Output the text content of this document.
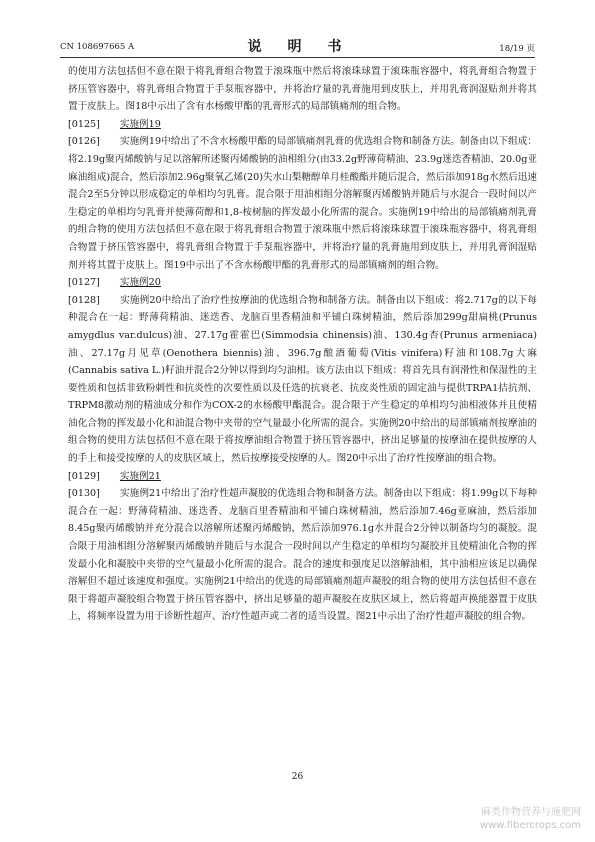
CN 108697665 A	说　明　书	18/19 页

的使用方法包括但不意在限于将乳膏组合物置于滚珠瓶中然后将滚珠球置于滚珠瓶容器中，将乳膏组合物置于挤压管容器中，将乳膏组合物置于手泵瓶容器中，并将治疗量的乳膏施用到皮肤上，并用乳膏润湿贴剂并将其置于皮肤上。图18中示出了含有水杨酸甲酯的乳膏形式的局部镇痛剂的组合物。

[0125] 实施例19

[0126] 实施例19中给出了不含水杨酸甲酯的局部镇痛剂乳膏的优选组合物和制备方法。制备由以下组成：将2.19g聚丙烯酸钠与足以溶解所述聚丙烯酸钠的油相组分(由33.2g野薄荷精油、23.9g迷迭香精油、20.0g亚麻油组成)混合，然后添加2.96g聚氧乙烯(20)失水山梨糖醇单月桂酸酯并随后混合，然后添加918g水然后迅速混合2至5分钟以形成稳定的单相均匀乳膏。混合限于用油相组分溶解聚丙烯酸钠并随后与水混合一段时间以产生稳定的单相均匀乳膏并使薄荷醇和1,8-桉树脑的挥发最小化所需的混合。实施例19中给出的局部镇痛剂乳膏的组合物的使用方法包括但不意在限于将乳膏组合物置于滚珠瓶中然后将滚珠球置于滚珠瓶容器中，将乳膏组合物置于挤压管容器中，将乳膏组合物置于手泵瓶容器中，并将治疗量的乳膏施用到皮肤上，并用乳膏润湿贴剂并将其置于皮肤上。图19中示出了不含水杨酸甲酯的乳膏形式的局部镇痛剂的组合物。

[0127] 实施例20

[0128] 实施例20中给出了治疗性按摩油的优选组合物和制备方法。制备由以下组成：将2.717g的以下每种混合在一起：野薄荷精油、迷迭香、龙脑百里香精油和平铺白珠树精油，然后添加299g甜扁桃(Prunus amygdlus var.dulcus)油、27.17g霍霍巴(Simmodsia chinensis)油、130.4g杏(Prunus armeniaca)油、27.17g月见草(Oenothera biennis)油、396.7g酿酒葡萄(Vitis vinifera)籽油和108.7g大麻(Cannabis sativa L.)籽油并混合2分钟以得到均匀油相。该方法由以下组成：将首先具有润滑性和保湿性的主要性质和包括非致粉刺性和抗炎性的次要性质以及任选的抗衰老、抗皮炎性质的固定油与提供TRPA1拮抗剂、TRPM8激动剂的精油成分和作为COX-2的水杨酸甲酯混合。混合限于产生稳定的单相均匀油相液体并且使精油化合物的挥发最小化和油混合物中夹带的空气量最小化所需的混合。实施例20中给出的局部镇痛剂按摩油的组合物的使用方法包括但不意在限于将按摩油组合物置于挤压管容器中，挤出足够量的按摩油在提供按摩的人的手上和接受按摩的人的皮肤区域上，然后按摩接受按摩的人。图20中示出了治疗性按摩油的组合物。

[0129] 实施例21

[0130] 实施例21中给出了治疗性超声凝胶的优选组合物和制备方法。制备由以下组成：将1.99g以下每种混合在一起：野薄荷精油、迷迭香、龙脑百里香精油和平铺白珠树精油，然后添加7.46g亚麻油，然后添加8.45g聚丙烯酸钠并充分混合以溶解所述聚丙烯酸钠，然后添加976.1g水并混合2分钟以制备均匀的凝胶。混合限于用油相组分溶解聚丙烯酸钠并随后与水混合一段时间以产生稳定的单相均匀凝胶并且使精油化合物的挥发最小化和凝胶中夹带的空气量最小化所需的混合。混合的速度和强度足以溶解油相，其中油相应该足以确保溶解但不超过该速度和强度。实施例21中给出的优选的局部镇痛剂超声凝胶的组合物的使用方法包括但不意在限于将超声凝胶组合物置于挤压管容器中，挤出足够量的超声凝胶在皮肤区域上，然后将超声换能器置于皮肤上，将频率设置为用于诊断性超声、治疗性超声或二者的适当设置。图21中示出了治疗性超声凝胶的组合物。

26
麻类作物营养与施肥网
www.fibercrops.com
